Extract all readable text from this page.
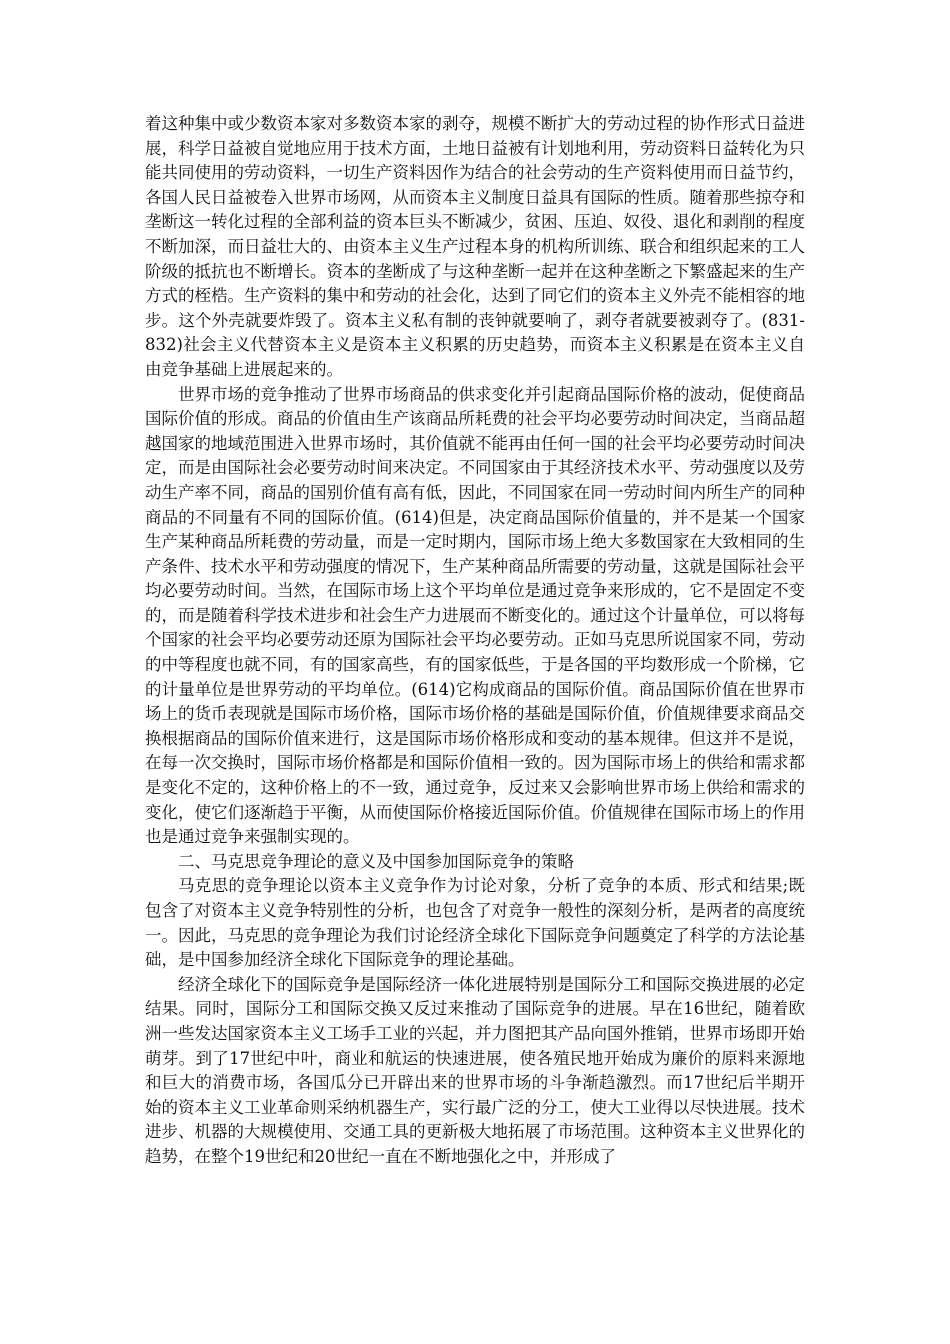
着这种集中或少数资本家对多数资本家的剥夺，规模不断扩大的劳动过程的协作形式日益进展，科学日益被自觉地应用于技术方面，土地日益被有计划地利用，劳动资料日益转化为只能共同使用的劳动资料，一切生产资料因作为结合的社会劳动的生产资料使用而日益节约，各国人民日益被卷入世界市场网，从而资本主义制度日益具有国际的性质。随着那些掠夺和垄断这一转化过程的全部利益的资本巨头不断减少，贫困、压迫、奴役、退化和剥削的程度不断加深，而日益壮大的、由资本主义生产过程本身的机构所训练、联合和组织起来的工人阶级的抵抗也不断增长。资本的垄断成了与这种垄断一起并在这种垄断之下繁盛起来的生产方式的桎梏。生产资料的集中和劳动的社会化，达到了同它们的资本主义外壳不能相容的地步。这个外壳就要炸毁了。资本主义私有制的丧钟就要响了，剥夺者就要被剥夺了。(831-832)社会主义代替资本主义是资本主义积累的历史趋势，而资本主义积累是在资本主义自由竞争基础上进展起来的。

世界市场的竞争推动了世界市场商品的供求变化并引起商品国际价格的波动，促使商品国际价值的形成。商品的价值由生产该商品所耗费的社会平均必要劳动时间决定，当商品超越国家的地域范围进入世界市场时，其价值就不能再由任何一国的社会平均必要劳动时间决定，而是由国际社会必要劳动时间来决定。不同国家由于其经济技术水平、劳动强度以及劳动生产率不同，商品的国别价值有高有低，因此，不同国家在同一劳动时间内所生产的同种商品的不同量有不同的国际价值。(614)但是，决定商品国际价值量的，并不是某一个国家生产某种商品所耗费的劳动量，而是一定时期内，国际市场上绝大多数国家在大致相同的生产条件、技术水平和劳动强度的情况下，生产某种商品所需要的劳动量，这就是国际社会平均必要劳动时间。当然，在国际市场上这个平均单位是通过竞争来形成的，它不是固定不变的，而是随着科学技术进步和社会生产力进展而不断变化的。通过这个计量单位，可以将每个国家的社会平均必要劳动还原为国际社会平均必要劳动。正如马克思所说国家不同，劳动的中等程度也就不同，有的国家高些，有的国家低些，于是各国的平均数形成一个阶梯，它的计量单位是世界劳动的平均单位。(614)它构成商品的国际价值。商品国际价值在世界市场上的货币表现就是国际市场价格，国际市场价格的基础是国际价值，价值规律要求商品交换根据商品的国际价值来进行，这是国际市场价格形成和变动的基本规律。但这并不是说，在每一次交换时，国际市场价格都是和国际价值相一致的。因为国际市场上的供给和需求都是变化不定的，这种价格上的不一致，通过竞争，反过来又会影响世界市场上供给和需求的变化，使它们逐渐趋于平衡，从而使国际价格接近国际价值。价值规律在国际市场上的作用也是通过竞争来强制实现的。

二、马克思竞争理论的意义及中国参加国际竞争的策略

马克思的竞争理论以资本主义竞争作为讨论对象，分析了竞争的本质、形式和结果;既包含了对资本主义竞争特别性的分析，也包含了对竞争一般性的深刻分析，是两者的高度统一。因此，马克思的竞争理论为我们讨论经济全球化下国际竞争问题奠定了科学的方法论基础，是中国参加经济全球化下国际竞争的理论基础。

经济全球化下的国际竞争是国际经济一体化进展特别是国际分工和国际交换进展的必定结果。同时，国际分工和国际交换又反过来推动了国际竞争的进展。早在16世纪，随着欧洲一些发达国家资本主义工场手工业的兴起，并力图把其产品向国外推销，世界市场即开始萌芽。到了17世纪中叶，商业和航运的快速进展，使各殖民地开始成为廉价的原料来源地和巨大的消费市场，各国瓜分已开辟出来的世界市场的斗争渐趋激烈。而17世纪后半期开始的资本主义工业革命则采纳机器生产，实行最广泛的分工，使大工业得以尽快进展。技术进步、机器的大规模使用、交通工具的更新极大地拓展了市场范围。这种资本主义世界化的趋势，在整个19世纪和20世纪一直在不断地强化之中，并形成了
